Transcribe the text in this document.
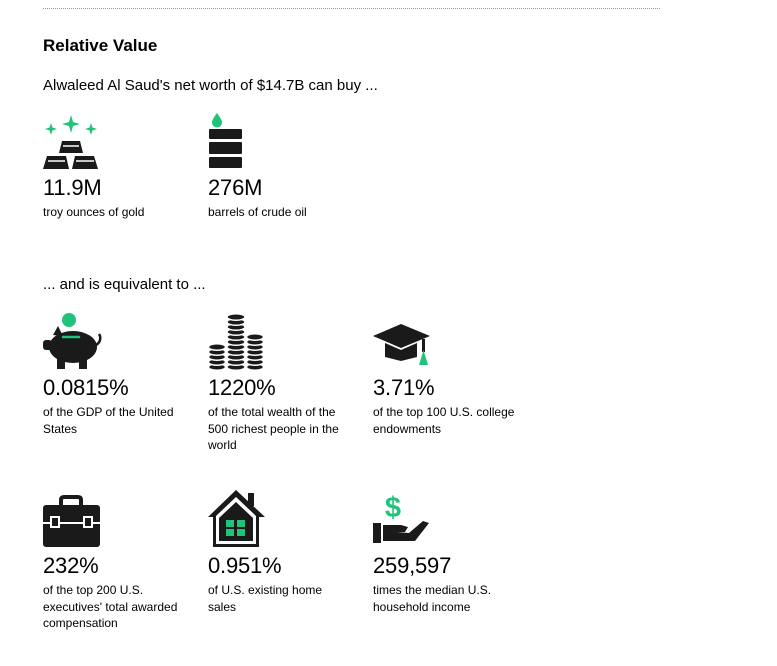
Relative Value

Alwaleed Al Saud's net worth of $14.7B can buy ...

11.9M
troy ounces of gold
276M
barrels of crude oil

... and is equivalent to ...

0.0815%
of the GDP of the United States
1220%
of the total wealth of the 500 richest people in the world
3.71%
of the top 100 U.S. college endowments
232%
of the top 200 U.S. executives' total awarded compensation
0.951%
of U.S. existing home sales
$
259,597
times the median U.S. household income
